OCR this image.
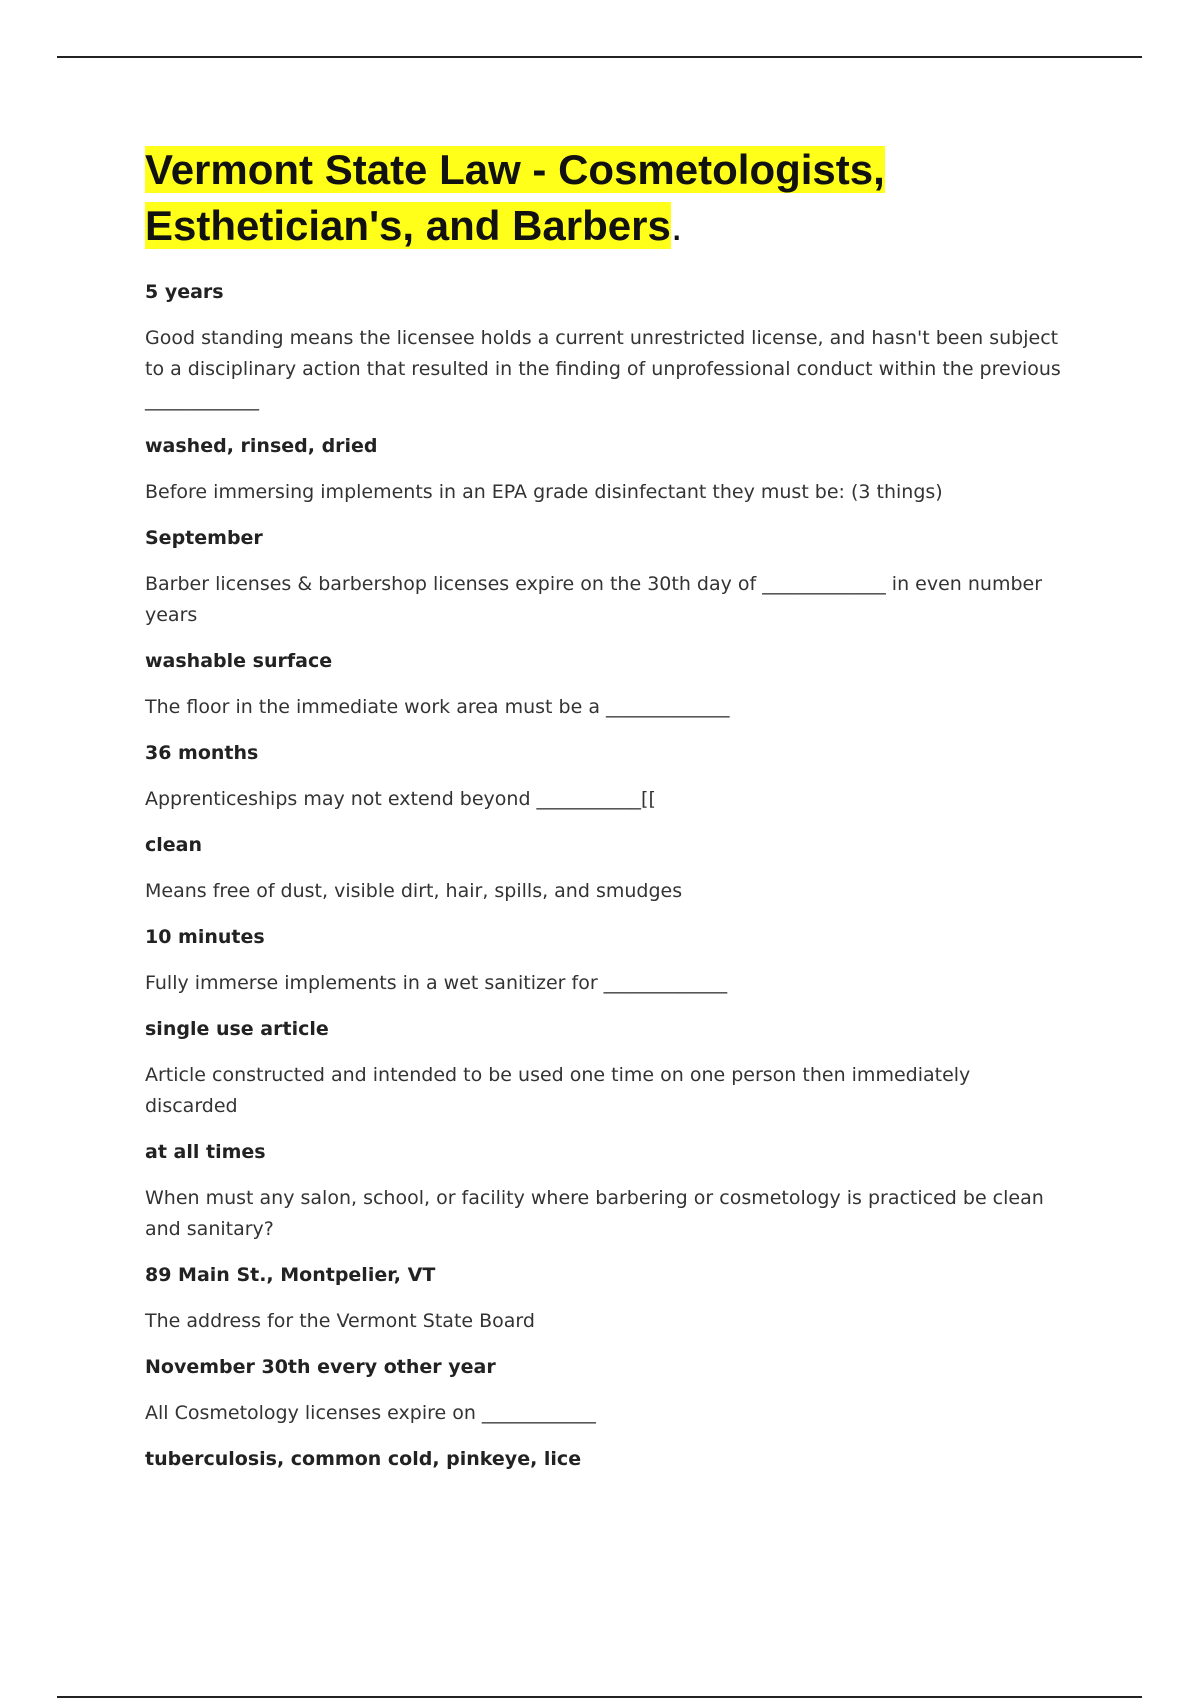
Vermont State Law - Cosmetologists, Esthetician's, and Barbers.

5 years

Good standing means the licensee holds a current unrestricted license, and hasn't been subject to a disciplinary action that resulted in the finding of unprofessional conduct within the previous ____________

washed, rinsed, dried

Before immersing implements in an EPA grade disinfectant they must be: (3 things)

September

Barber licenses & barbershop licenses expire on the 30th day of _____________ in even number years

washable surface

The floor in the immediate work area must be a _____________

36 months

Apprenticeships may not extend beyond ___________[[

clean

Means free of dust, visible dirt, hair, spills, and smudges

10 minutes

Fully immerse implements in a wet sanitizer for _____________

single use article

Article constructed and intended to be used one time on one person then immediately discarded

at all times

When must any salon, school, or facility where barbering or cosmetology is practiced be clean and sanitary?

89 Main St., Montpelier, VT

The address for the Vermont State Board

November 30th every other year

All Cosmetology licenses expire on ____________

tuberculosis, common cold, pinkeye, lice
